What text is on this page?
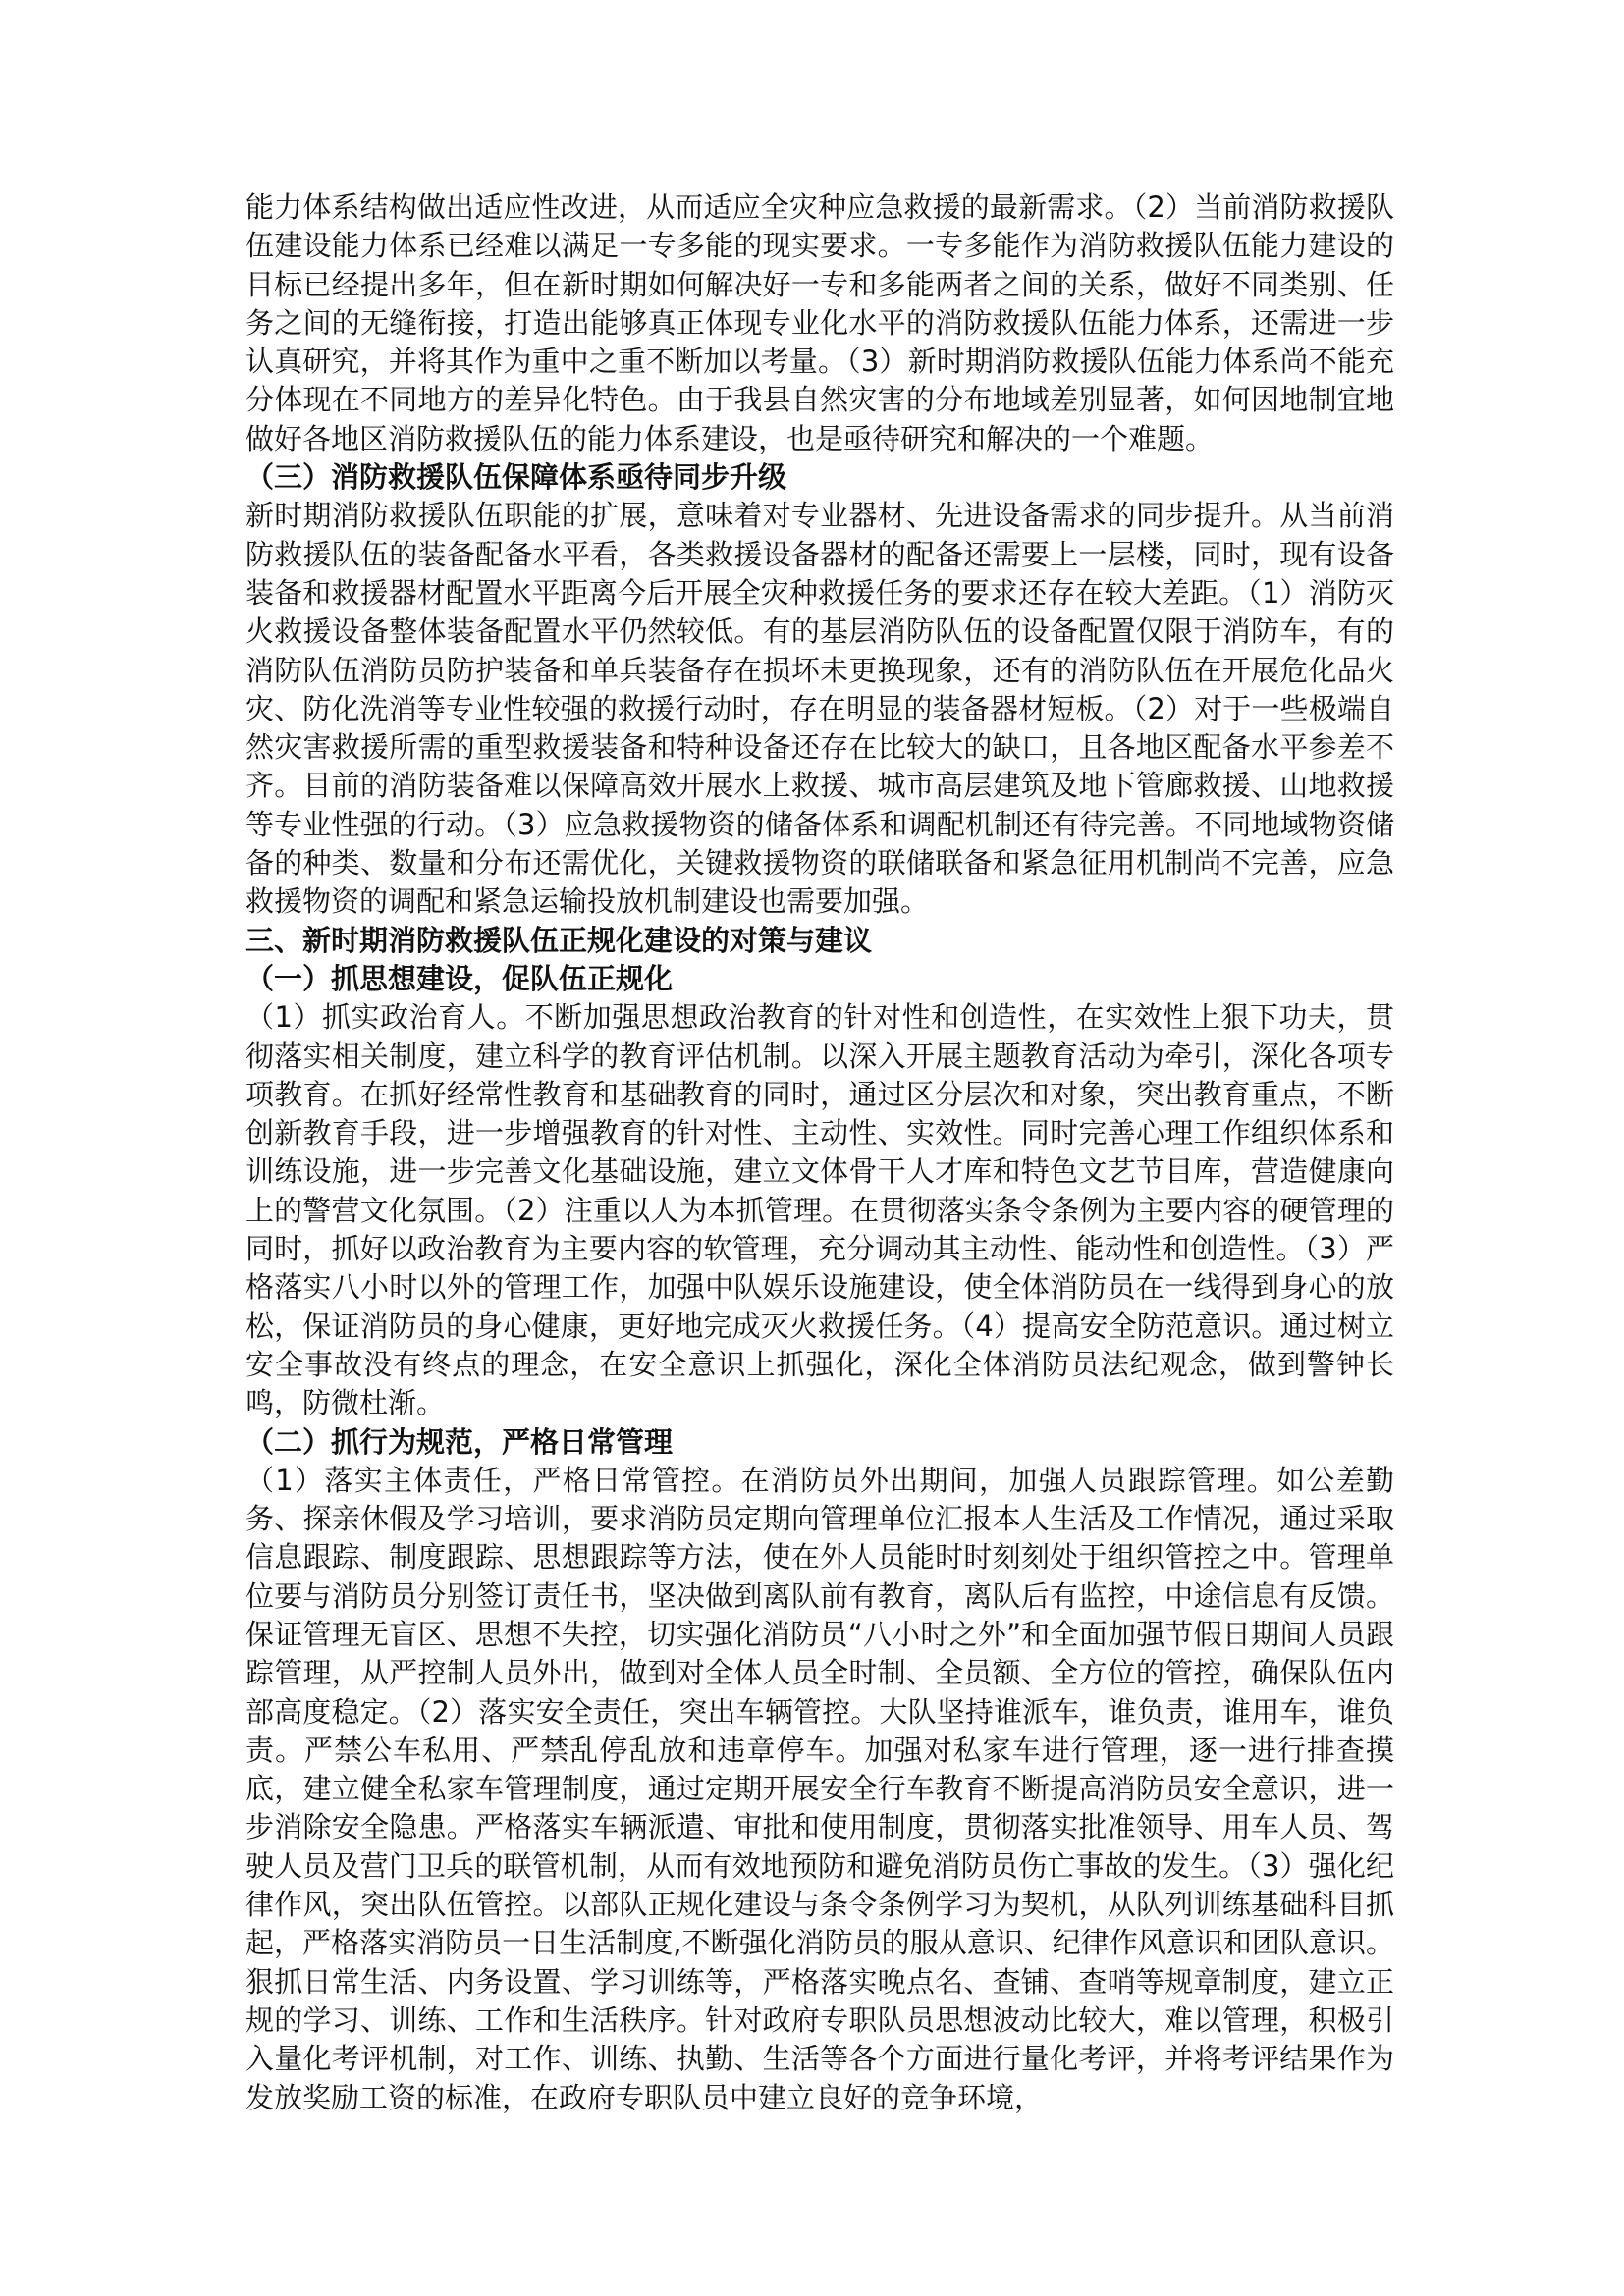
能力体系结构做出适应性改进，从而适应全灾种应急救援的最新需求。（2）当前消防救援队伍建设能力体系已经难以满足一专多能的现实要求。一专多能作为消防救援队伍能力建设的目标已经提出多年，但在新时期如何解决好一专和多能两者之间的关系，做好不同类别、任务之间的无缝衔接，打造出能够真正体现专业化水平的消防救援队伍能力体系，还需进一步认真研究，并将其作为重中之重不断加以考量。（3）新时期消防救援队伍能力体系尚不能充分体现在不同地方的差异化特色。由于我县自然灾害的分布地域差别显著，如何因地制宜地做好各地区消防救援队伍的能力体系建设，也是亟待研究和解决的一个难题。

（三）消防救援队伍保障体系亟待同步升级

新时期消防救援队伍职能的扩展，意味着对专业器材、先进设备需求的同步提升。从当前消防救援队伍的装备配备水平看，各类救援设备器材的配备还需要上一层楼，同时，现有设备装备和救援器材配置水平距离今后开展全灾种救援任务的要求还存在较大差距。（1）消防灭火救援设备整体装备配置水平仍然较低。有的基层消防队伍的设备配置仅限于消防车，有的消防队伍消防员防护装备和单兵装备存在损坏未更换现象，还有的消防队伍在开展危化品火灾、防化洗消等专业性较强的救援行动时，存在明显的装备器材短板。（2）对于一些极端自然灾害救援所需的重型救援装备和特种设备还存在比较大的缺口，且各地区配备水平参差不齐。目前的消防装备难以保障高效开展水上救援、城市高层建筑及地下管廊救援、山地救援等专业性强的行动。（3）应急救援物资的储备体系和调配机制还有待完善。不同地域物资储备的种类、数量和分布还需优化，关键救援物资的联储联备和紧急征用机制尚不完善，应急救援物资的调配和紧急运输投放机制建设也需要加强。

三、新时期消防救援队伍正规化建设的对策与建议

（一）抓思想建设，促队伍正规化

（1）抓实政治育人。不断加强思想政治教育的针对性和创造性，在实效性上狠下功夫，贯彻落实相关制度，建立科学的教育评估机制。以深入开展主题教育活动为牵引，深化各项专项教育。在抓好经常性教育和基础教育的同时，通过区分层次和对象，突出教育重点，不断创新教育手段，进一步增强教育的针对性、主动性、实效性。同时完善心理工作组织体系和训练设施，进一步完善文化基础设施，建立文体骨干人才库和特色文艺节目库，营造健康向上的警营文化氛围。（2）注重以人为本抓管理。在贯彻落实条令条例为主要内容的硬管理的同时，抓好以政治教育为主要内容的软管理，充分调动其主动性、能动性和创造性。（3）严格落实八小时以外的管理工作，加强中队娱乐设施建设，使全体消防员在一线得到身心的放松，保证消防员的身心健康，更好地完成灭火救援任务。（4）提高安全防范意识。通过树立安全事故没有终点的理念，在安全意识上抓强化，深化全体消防员法纪观念，做到警钟长鸣，防微杜渐。

（二）抓行为规范，严格日常管理

（1）落实主体责任，严格日常管控。在消防员外出期间，加强人员跟踪管理。如公差勤务、探亲休假及学习培训，要求消防员定期向管理单位汇报本人生活及工作情况，通过采取信息跟踪、制度跟踪、思想跟踪等方法，使在外人员能时时刻刻处于组织管控之中。管理单位要与消防员分别签订责任书，坚决做到离队前有教育，离队后有监控，中途信息有反馈。保证管理无盲区、思想不失控，切实强化消防员“八小时之外”和全面加强节假日期间人员跟踪管理，从严控制人员外出，做到对全体人员全时制、全员额、全方位的管控，确保队伍内部高度稳定。（2）落实安全责任，突出车辆管控。大队坚持谁派车，谁负责，谁用车，谁负责。严禁公车私用、严禁乱停乱放和违章停车。加强对私家车进行管理，逐一进行排查摸底，建立健全私家车管理制度，通过定期开展安全行车教育不断提高消防员安全意识，进一步消除安全隐患。严格落实车辆派遣、审批和使用制度，贯彻落实批准领导、用车人员、驾驶人员及营门卫兵的联管机制，从而有效地预防和避免消防员伤亡事故的发生。（3）强化纪律作风，突出队伍管控。以部队正规化建设与条令条例学习为契机，从队列训练基础科目抓起，严格落实消防员一日生活制度,不断强化消防员的服从意识、纪律作风意识和团队意识。狠抓日常生活、内务设置、学习训练等，严格落实晚点名、查铺、查哨等规章制度，建立正规的学习、训练、工作和生活秩序。针对政府专职队员思想波动比较大，难以管理，积极引入量化考评机制，对工作、训练、执勤、生活等各个方面进行量化考评，并将考评结果作为发放奖励工资的标准，在政府专职队员中建立良好的竞争环境，
